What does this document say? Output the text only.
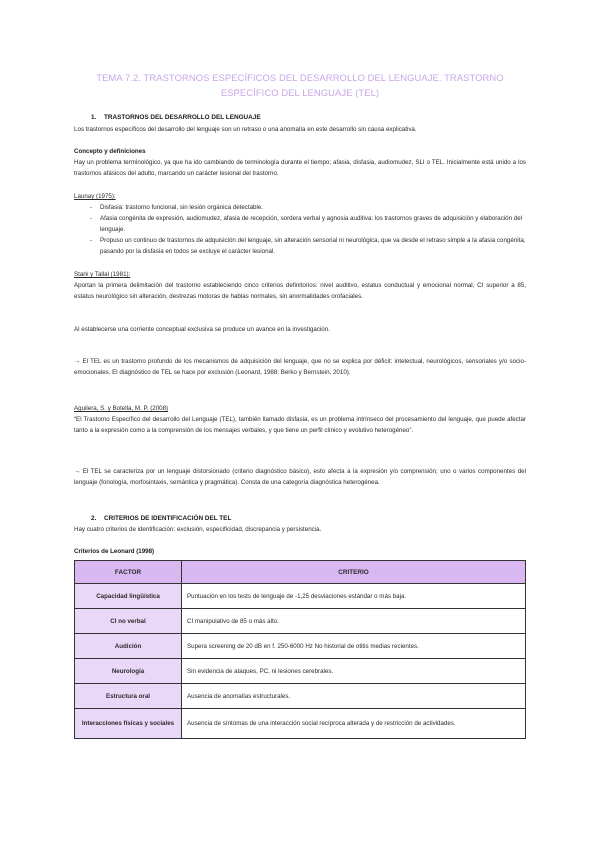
TEMA 7.2. TRASTORNOS ESPECÍFICOS DEL DESARROLLO DEL LENGUAJE. TRASTORNO
ESPECÍFICO DEL LENGUAJE (TEL)
1. TRASTORNOS DEL DESARROLLO DEL LENGUAJE
Los trastornos específicos del desarrollo del lenguaje son un retraso o una anomalía en este desarrollo sin causa explicativa.
Concepto y definiciones
Hay un problema terminológico, ya que ha ido cambiando de terminología durante el tiempo; afasia, disfasia, audiomudez, SLI o TEL. Inicialmente está unido a los trastornos afásicos del adulto, marcando un carácter lesional del trastorno.
Launay (1975):
- Disfasia: trastorno funcional, sin lesión orgánica detectable.
- Afasia congénita de expresión, audiomudez, afasia de recepción, sordera verbal y agnosia auditiva: los trastornos graves de adquisición y elaboración del lenguaje.
- Propuso un continuo de trastornos de adquisición del lenguaje, sin alteración sensorial ni neurológica, que va desde el retraso simple a la afasia congénita, pasando por la disfasia en todos se excluye el carácter lesional.
Stark y Tallal (1981):
Aportan la primera delimitación del trastorno estableciendo cinco criterios definitorios: nivel auditivo, estatus conductual y emocional normal, CI superior a 85, estatus neurológico sin alteración, destrezas motoras de hablas normales, sin anormalidades orofaciales.
Al establecerse una corriente conceptual exclusiva se produce un avance en la investigación.
→ El TEL es un trastorno profundo de los mecanismos de adquisición del lenguaje, que no se explica por déficit: intelectual, neurológicos, sensoriales y/o socio-emocionales. El diagnóstico de TEL se hace por exclusión (Leonard, 1988; Berko y Bernstein, 2010).
Aguilera, S. y Botella, M. P. (2008)
“El Trastorno Específico del desarrollo del Lenguaje (TEL), también llamado disfasia, es un problema intrínseco del procesamiento del lenguaje, que puede afectar tanto a la expresión como a la comprensión de los mensajes verbales, y que tiene un perfil clínico y evolutivo heterogéneo”.
→ El TEL se caracteriza por un lenguaje distorsionado (criterio diagnóstico básico), esto afecta a la expresión y/o comprensión; uno o varios componentes del lenguaje (fonología, morfosintaxis, semántica y pragmática). Consta de una categoría diagnóstica heterogénea.
2. CRITERIOS DE IDENTIFICACIÓN DEL TEL
Hay cuatro criterios de identificación: exclusión, especificidad, discrepancia y persistencia.
Criterios de Leonard (1998)
FACTOR	CRITERIO
Capacidad lingüística	Puntuación en los tests de lenguaje de -1,25 desviaciones estándar o más baja.
CI no verbal	CI manipulativo de 85 o más alto.
Audición	Supera screening de 20 dB en f. 250-6000 Hz No historial de otitis medias recientes.
Neurología	Sin evidencia de ataques, PC, ni lesiones cerebrales.
Estructura oral	Ausencia de anomalías estructurales.
Interacciones físicas y sociales	Ausencia de síntomas de una interacción social recíproca alterada y de restricción de actividades.
